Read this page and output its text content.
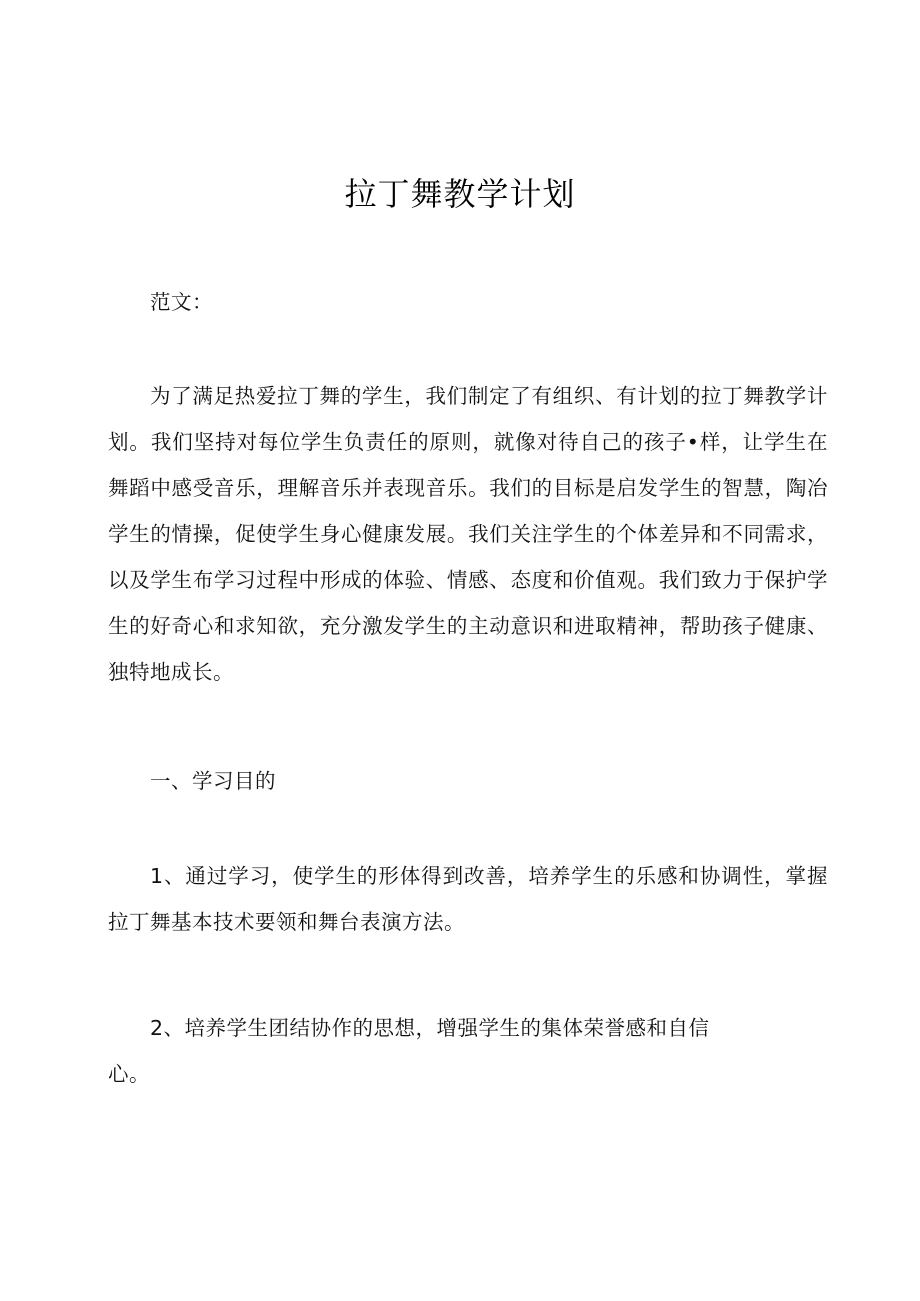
拉丁舞教学计划

范文：

为了满足热爱拉丁舞的学生，我们制定了有组织、有计划的拉丁舞教学计划。我们坚持对每位学生负责任的原则，就像对待自己的孩子•样，让学生在舞蹈中感受音乐，理解音乐并表现音乐。我们的目标是启发学生的智慧，陶冶学生的情操，促使学生身心健康发展。我们关注学生的个体差异和不同需求，以及学生布学习过程中形成的体验、情感、态度和价值观。我们致力于保护学生的好奇心和求知欲，充分激发学生的主动意识和进取精神，帮助孩子健康、独特地成长。

一、学习目的

1、通过学习，使学生的形体得到改善，培养学生的乐感和协调性，掌握拉丁舞基本技术要领和舞台表演方法。

2、培养学生团结协作的思想，增强学生的集体荣誉感和自信
心。
